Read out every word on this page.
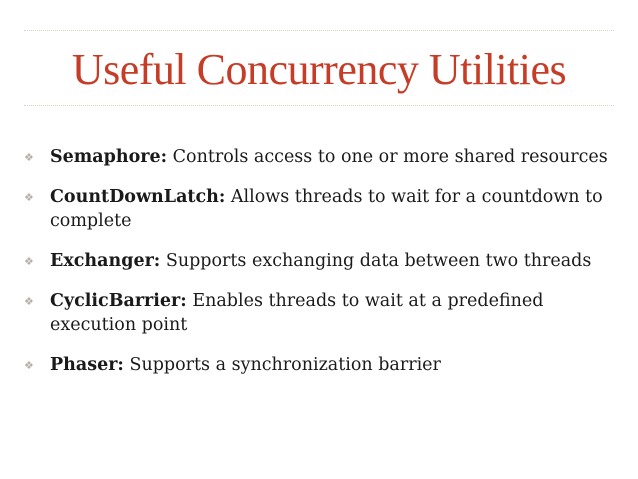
Useful Concurrency Utilities
❖ Semaphore: Controls access to one or more shared resources
❖ CountDownLatch: Allows threads to wait for a countdown to complete
❖ Exchanger: Supports exchanging data between two threads
❖ CyclicBarrier: Enables threads to wait at a predefined execution point
❖ Phaser: Supports a synchronization barrier
